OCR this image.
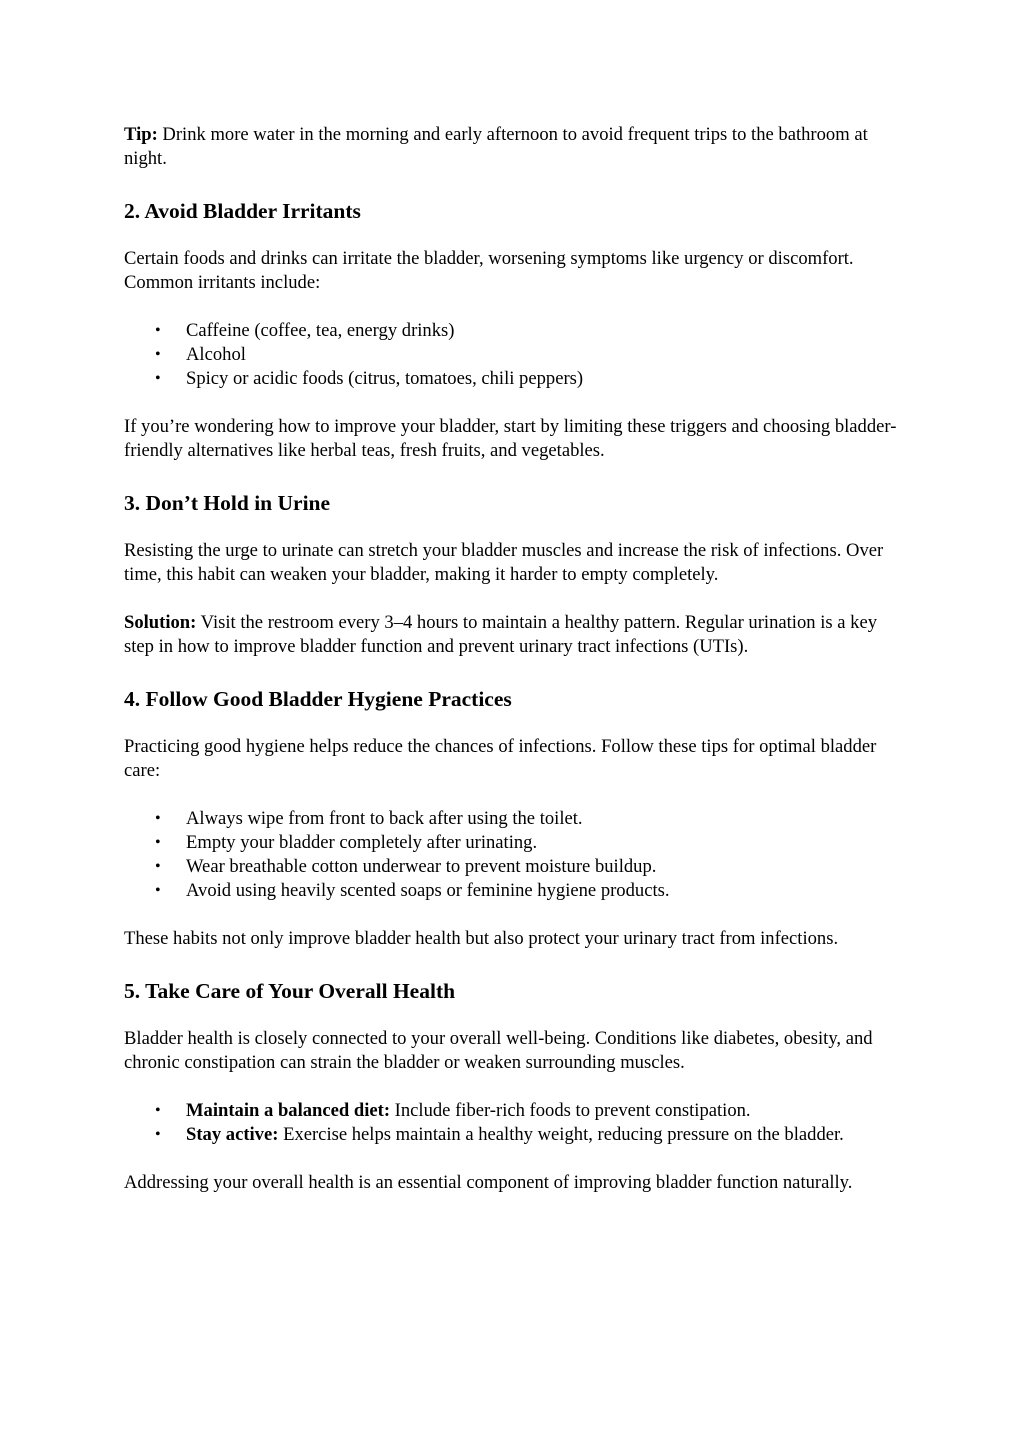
Tip: Drink more water in the morning and early afternoon to avoid frequent trips to the bathroom at night.

2. Avoid Bladder Irritants

Certain foods and drinks can irritate the bladder, worsening symptoms like urgency or discomfort. Common irritants include:

• Caffeine (coffee, tea, energy drinks)
• Alcohol
• Spicy or acidic foods (citrus, tomatoes, chili peppers)

If you’re wondering how to improve your bladder, start by limiting these triggers and choosing bladder-friendly alternatives like herbal teas, fresh fruits, and vegetables.

3. Don’t Hold in Urine

Resisting the urge to urinate can stretch your bladder muscles and increase the risk of infections. Over time, this habit can weaken your bladder, making it harder to empty completely.

Solution: Visit the restroom every 3–4 hours to maintain a healthy pattern. Regular urination is a key step in how to improve bladder function and prevent urinary tract infections (UTIs).

4. Follow Good Bladder Hygiene Practices

Practicing good hygiene helps reduce the chances of infections. Follow these tips for optimal bladder care:

• Always wipe from front to back after using the toilet.
• Empty your bladder completely after urinating.
• Wear breathable cotton underwear to prevent moisture buildup.
• Avoid using heavily scented soaps or feminine hygiene products.

These habits not only improve bladder health but also protect your urinary tract from infections.

5. Take Care of Your Overall Health

Bladder health is closely connected to your overall well-being. Conditions like diabetes, obesity, and chronic constipation can strain the bladder or weaken surrounding muscles.

• Maintain a balanced diet: Include fiber-rich foods to prevent constipation.
• Stay active: Exercise helps maintain a healthy weight, reducing pressure on the bladder.

Addressing your overall health is an essential component of improving bladder function naturally.
